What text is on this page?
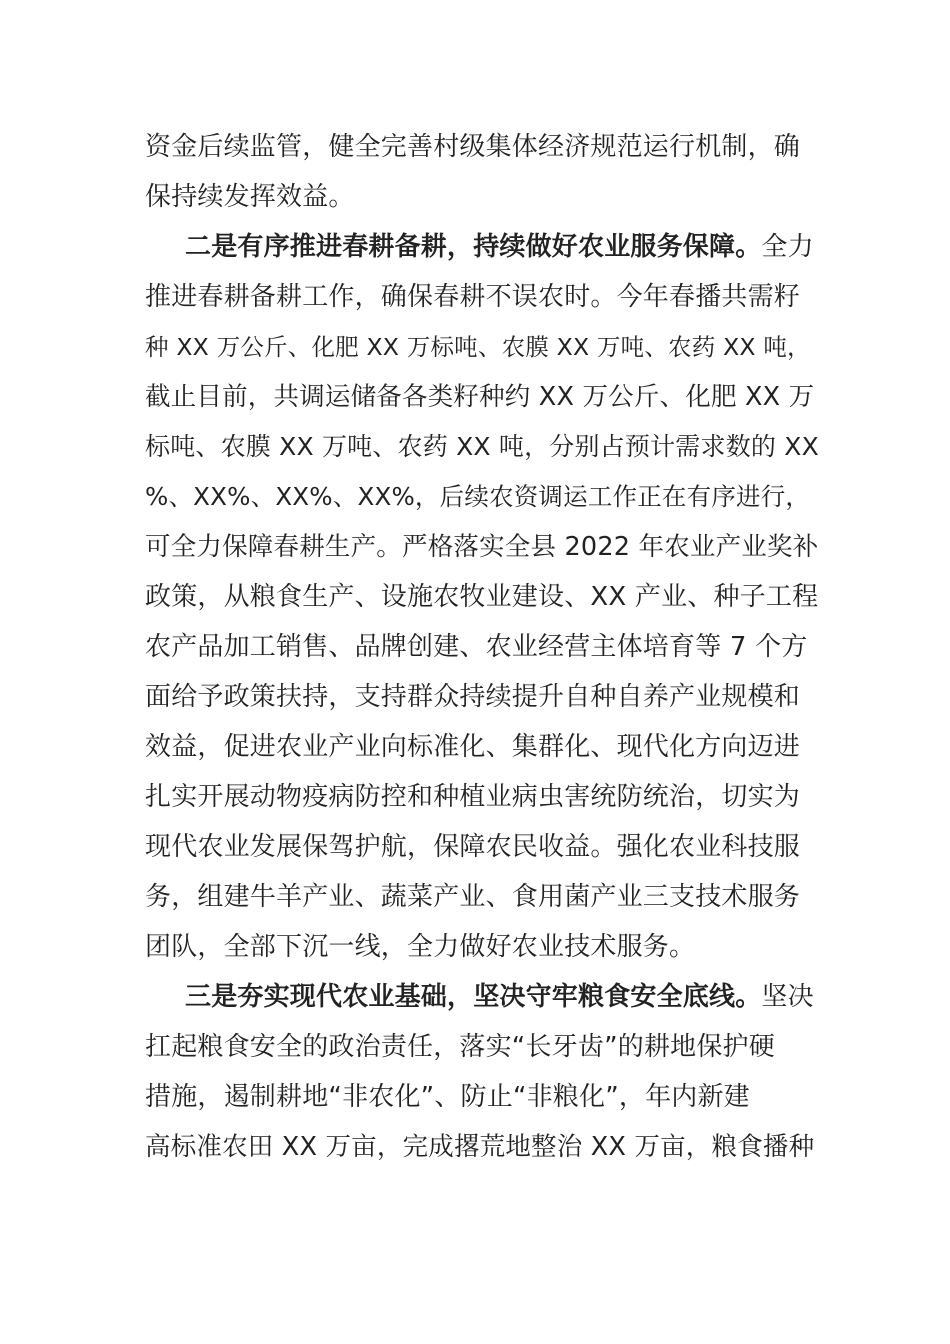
资金后续监管，健全完善村级集体经济规范运行机制，确
保持续发挥效益。
二是有序推进春耕备耕，持续做好农业服务保障。全力
推进春耕备耕工作，确保春耕不误农时。今年春播共需籽
种 XX 万公斤、化肥 XX 万标吨、农膜 XX 万吨、农药 XX 吨，
截止目前，共调运储备各类籽种约 XX 万公斤、化肥 XX 万
标吨、农膜 XX 万吨、农药 XX 吨，分别占预计需求数的 XX
%、XX%、XX%、XX%，后续农资调运工作正在有序进行，
可全力保障春耕生产。严格落实全县 2022 年农业产业奖补
政策，从粮食生产、设施农牧业建设、XX 产业、种子工程
农产品加工销售、品牌创建、农业经营主体培育等 7 个方
面给予政策扶持，支持群众持续提升自种自养产业规模和
效益，促进农业产业向标准化、集群化、现代化方向迈进
扎实开展动物疫病防控和种植业病虫害统防统治，切实为
现代农业发展保驾护航，保障农民收益。强化农业科技服
务，组建牛羊产业、蔬菜产业、食用菌产业三支技术服务
团队，全部下沉一线，全力做好农业技术服务。
三是夯实现代农业基础，坚决守牢粮食安全底线。坚决
扛起粮食安全的政治责任，落实“长牙齿”的耕地保护硬
措施，遏制耕地“非农化”、防止“非粮化”，年内新建
高标准农田 XX 万亩，完成撂荒地整治 XX 万亩，粮食播种
